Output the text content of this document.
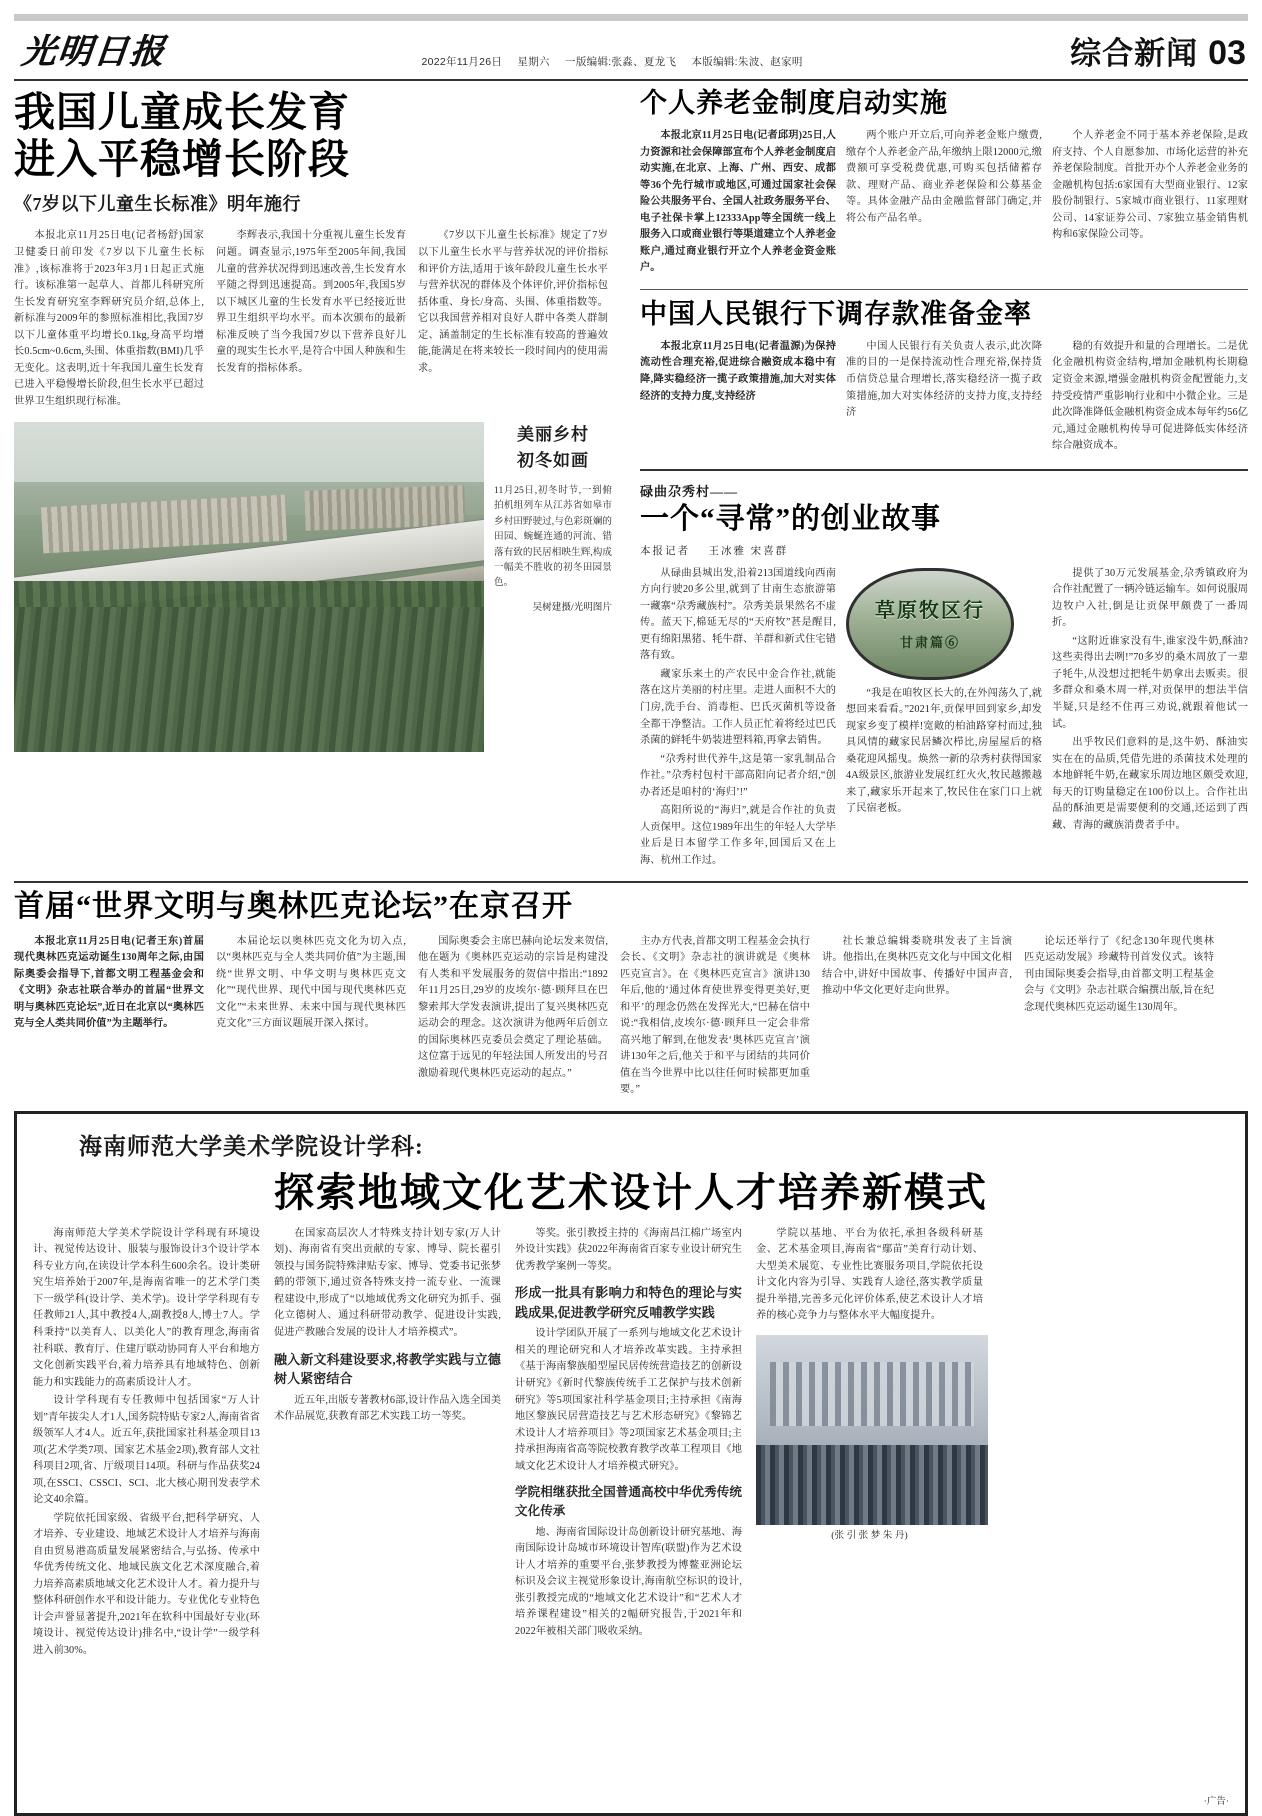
光明日报	2022年11月26日 星期六 一版编辑:张淼、夏龙飞 本版编辑:朱波、赵家明	综合新闻 03
我国儿童成长发育
进入平稳增长阶段
《7岁以下儿童生长标准》明年施行

本报北京11月25日电(记者杨舒)国家卫健委日前印发《7岁以下儿童生长标准》,该标准将于2023年3月1日起正式施行。该标准第一起草人、首都儿科研究所生长发育研究室李辉研究员介绍,总体上,新标准与2009年的参照标准相比,我国7岁以下儿童体重平均增长0.1kg,身高平均增长0.5cm~0.6cm,头围、体重指数(BMI)几乎无变化。这表明,近十年我国儿童生长发育已进入平稳慢增长阶段,但生长水平已超过世界卫生组织现行标准。

李辉表示,我国十分重视儿童生长发育问题。调查显示,1975年至2005年间,我国儿童的营养状况得到迅速改善,生长发育水平随之得到迅速提高。到2005年,我国5岁以下城区儿童的生长发育水平已经接近世界卫生组织平均水平。而本次颁布的最新标准反映了当今我国7岁以下营养良好儿童的现实生长水平,是符合中国人种族和生长发育的指标体系。

《7岁以下儿童生长标准》规定了7岁以下儿童生长水平与营养状况的评价指标和评价方法,适用于该年龄段儿童生长水平与营养状况的群体及个体评价,评价指标包括体重、身长/身高、头围、体重指数等。它以我国营养相对良好人群中各类人群制定、涵盖制定的生长标准有较高的普遍效能,能满足在将来较长一段时间内的使用需求。

美丽乡村
初冬如画
11月25日,初冬时节,一到俯拍机组列车从江苏省如皋市乡村田野驶过,与色彩斑斓的田园、蜿蜒连通的河流、错落有致的民居相映生辉,构成一幅美不胜收的初冬田园景色。
吴树建摄/光明图片
个人养老金制度启动实施

本报北京11月25日电(记者邱玥)25日,人力资源和社会保障部宣布个人养老金制度启动实施,在北京、上海、广州、西安、成都等36个先行城市或地区,可通过国家社会保险公共服务平台、全国人社政务服务平台、电子社保卡掌上12333App等全国统一线上服务入口或商业银行等渠道建立个人养老金账户,通过商业银行开立个人养老金资金账户。

两个账户开立后,可向养老金账户缴费,缴存个人养老金产品,年缴纳上限12000元,缴费额可享受税费优惠,可购买包括储蓄存款、理财产品、商业养老保险和公募基金等。具体金融产品由金融监督部门确定,并将公布产品名单。

个人养老金不同于基本养老保险,是政府支持、个人自愿参加、市场化运营的补充养老保险制度。首批开办个人养老金业务的金融机构包括:6家国有大型商业银行、12家股份制银行、5家城市商业银行、11家理财公司、14家证券公司、7家独立基金销售机构和6家保险公司等。

中国人民银行下调存款准备金率

本报北京11月25日电(记者温源)为保持流动性合理充裕,促进综合融资成本稳中有降,降实稳经济一揽子政策措施,加大对实体经济的支持力度,支持经济

中国人民银行有关负责人表示,此次降准的目的一是保持流动性合理充裕,保持货币信贷总量合理增长,落实稳经济一揽子政策措施,加大对实体经济的支持力度,支持经济

稳的有效提升和量的合理增长。二是优化金融机构资金结构,增加金融机构长期稳定资金来源,增强金融机构资金配置能力,支持受疫情严重影响行业和中小微企业。三是此次降准降低金融机构资金成本每年约56亿元,通过金融机构传导可促进降低实体经济综合融资成本。

碌曲尕秀村——
一个“寻常”的创业故事
本报记者 王冰雅 宋喜群

从碌曲县城出发,沿着213国道线向西南方向行驶20多公里,就到了甘南生态旅游第一藏寨“尕秀藏族村”。尕秀美景果然名不虚传。蓝天下,棉延无尽的“天府牧”甚是醒目,更有绵阳黑猪、牦牛群、羊群和新式住宅错落有致。

藏家乐来土的产农民中金合作社,就能落在这片美丽的村庄里。走进人面积不大的门房,洗手台、消毒柜、巴氏灭菌机等设备全都干净整洁。工作人员正忙着将经过巴氏杀菌的鲜牦牛奶装进塑料箱,再拿去销售。

“尕秀村世代养牛,这是第一家乳制品合作社。”尕秀村包村干部高阳向记者介绍,“创办者还是咱村的‘海归’!”

高阳所说的“海归”,就是合作社的负责人贡保甲。这位1989年出生的年轻人大学毕业后是日本留学工作多年,回国后又在上海、杭州工作过。

草原牧区行
甘肃篇⑥

“我是在咱牧区长大的,在外闯荡久了,就想回来看看。”2021年,贡保甲回到家乡,却发现家乡变了模样!宽敞的柏油路穿村而过,独具风情的藏家民居鳞次栉比,房屋屋后的格桑花迎风摇曳。焕然一新的尕秀村获得国家4A级景区,旅游业发展红红火火,牧民越搬越来了,藏家乐开起来了,牧民住在家门口上就了民宿老板。

提供了30万元发展基金,尕秀镇政府为合作社配置了一辆冷链运输车。如何说服周边牧户入社,倒是让贡保甲颇费了一番周折。

“这附近谁家没有牛,谁家没牛奶,酥油?这些卖得出去咧!”70多岁的桑木周放了一辈子牦牛,从没想过把牦牛奶拿出去贩卖。很多群众和桑木周一样,对贡保甲的想法半信半疑,只是经不住再三劝说,就跟着他试一试。

出乎牧民们意料的是,这牛奶、酥油实实在在的品质,凭借先进的杀菌技术处理的本地鲜牦牛奶,在藏家乐周边地区颇受欢迎,每天的订购量稳定在100份以上。合作社出品的酥油更是需要便利的交通,还运到了西藏、青海的藏族消费者手中。

首届“世界文明与奥林匹克论坛”在京召开

本报北京11月25日电(记者王东)首届现代奥林匹克运动诞生130周年之际,由国际奥委会指导下,首都文明工程基金会和《文明》杂志社联合举办的首届“世界文明与奥林匹克论坛”,近日在北京以“奥林匹克与全人类共同价值”为主题举行。

本届论坛以奥林匹克文化为切入点,以“奥林匹克与全人类共同价值”为主题,围绕“世界文明、中华文明与奥林匹克文化”“现代世界、现代中国与现代奥林匹克文化”“未来世界、未来中国与现代奥林匹克文化”三方面议题展开深入探讨。

国际奥委会主席巴赫向论坛发来贺信,他在题为《奥林匹克运动的宗旨是构建没有人类和平发展服务的贺信中指出:“1892年11月25日,29岁的皮埃尔·德·顾拜旦在巴黎索邦大学发表演讲,提出了复兴奥林匹克运动会的理念。这次演讲为他两年后创立的国际奥林匹克委员会奠定了理论基础。这位富于远见的年轻法国人所发出的号召激励着现代奥林匹克运动的起点。”

主办方代表,首都文明工程基金会执行会长、《文明》杂志社的演讲就是《奥林匹克宣言》。在《奥林匹克宣言》演讲130年后,他的‘通过体育使世界变得更美好,更和平’的理念仍然在发挥光大,“巴赫在信中说:“我相信,皮埃尔·德·顾拜旦一定会非常高兴地了解到,在他发表‘奥林匹克宣言’演讲130年之后,他关于和平与团结的共同价值在当今世界中比以往任何时候都更加重要。”

社长兼总编辑娄晓琪发表了主旨演讲。他指出,在奥林匹克文化与中国文化相结合中,讲好中国故事、传播好中国声音,推动中华文化更好走向世界。

论坛还举行了《纪念130年现代奥林匹克运动发展》珍藏特刊首发仪式。该特刊由国际奥委会指导,由首都文明工程基金会与《文明》杂志社联合编撰出版,旨在纪念现代奥林匹克运动诞生130周年。

海南师范大学美术学院设计学科:
探索地域文化艺术设计人才培养新模式

海南师范大学美术学院设计学科现有环境设计、视觉传达设计、服装与服饰设计3个设计学本科专业方向,在读设计学本科生600余名。设计类研究生培养始于2007年,是海南省唯一的艺术学门类下一级学科(设计学、美术学)。设计学学科现有专任教师21人,其中教授4人,副教授8人,博士7人。学科秉持“以美育人、以美化人”的教育理念,海南省社科联、教育厅、住建厅联动协同育人平台和地方文化创新实践平台,着力培养具有地域特色、创新能力和实践能力的高素质设计人才。

设计学科现有专任教师中包括国家“万人计划”青年拔尖人才1人,国务院特贴专家2人,海南省省级领军人才4人。近五年,获批国家社科基金项目13项(艺术学类7项、国家艺术基金2项),教育部人文社科项目2项,省、厅级项目14项。科研与作品获奖24项,在SSCI、CSSCI、SCI、北大核心期刊发表学术论文40余篇。

学院依托国家级、省级平台,把科学研究、人才培养、专业建设、地域艺术设计人才培养与海南自由贸易港高质量发展紧密结合,与弘扬、传承中华优秀传统文化、地域民族文化艺术深度融合,着力培养高素质地域文化艺术设计人才。着力提升与整体科研创作水平和设计能力。专业优化专业特色计会声誉显著提升,2021年在软科中国最好专业(环境设计、视觉传达设计)排名中,“设计学”一级学科进入前30%。

在国家高层次人才特殊支持计划专家(万人计划)、海南省有突出贡献的专家、博导、院长翟引领投与国务院特殊津贴专家、博导、党委书记张梦鹤的带领下,通过资各特殊支持一流专业、一流课程建设中,形成了“以地域优秀文化研究为抓手、强化立德树人、通过科研带动教学、促进设计实践,促进产教融合发展的设计人才培养模式”。

融入新文科建设要求,将教学实践与立德树人紧密结合

近五年,出版专著教材6部,设计作品入选全国美术作品展览,获教育部艺术实践工坊一等奖。

等奖。张引教授主持的《海南昌江棉广场室内外设计实践》获2022年海南省百家专业设计研究生优秀教学案例一等奖。

形成一批具有影响力和特色的理论与实践成果,促进教学研究反哺教学实践

设计学团队开展了一系列与地域文化艺术设计相关的理论研究和人才培养改革实践。主持承担《基于海南黎族船型屋民居传统营造技艺的创新设计研究》《新时代黎族传统手工艺保护与技术创新研究》等5项国家社科学基金项目;主持承担《南海地区黎族民居营造技艺与艺术形态研究》《黎锦艺术设计人才培养项目》等2项国家艺术基金项目;主持承担海南省高等院校教育教学改革工程项目《地域文化艺术设计人才培养模式研究》。

学院相继获批全国普通高校中华优秀传统文化传承

地、海南省国际设计岛创新设计研究基地、海南国际设计岛城市环境设计智库(联盟)作为艺术设计人才培养的重要平台,张梦教授为博鳌亚洲论坛标识及会议主视觉形象设计,海南航空标识的设计,张引教授完成的“地域文化艺术设计”和“艺术人才培养课程建设”相关的2幅研究报告,于2021年和2022年被相关部门吸收采纳。

学院以基地、平台为依托,承担各级科研基金、艺术基金项目,海南省“鄢苗”美育行动计划、大型美术展览、专业性比赛服务项目,学院依托设计文化内容为引导、实践育人途径,落实教学质量提升举措,完善多元化评价体系,使艺术设计人才培养的核心竞争力与整体水平大幅度提升。

(张 引 张 梦 朱 丹)
·广告·
